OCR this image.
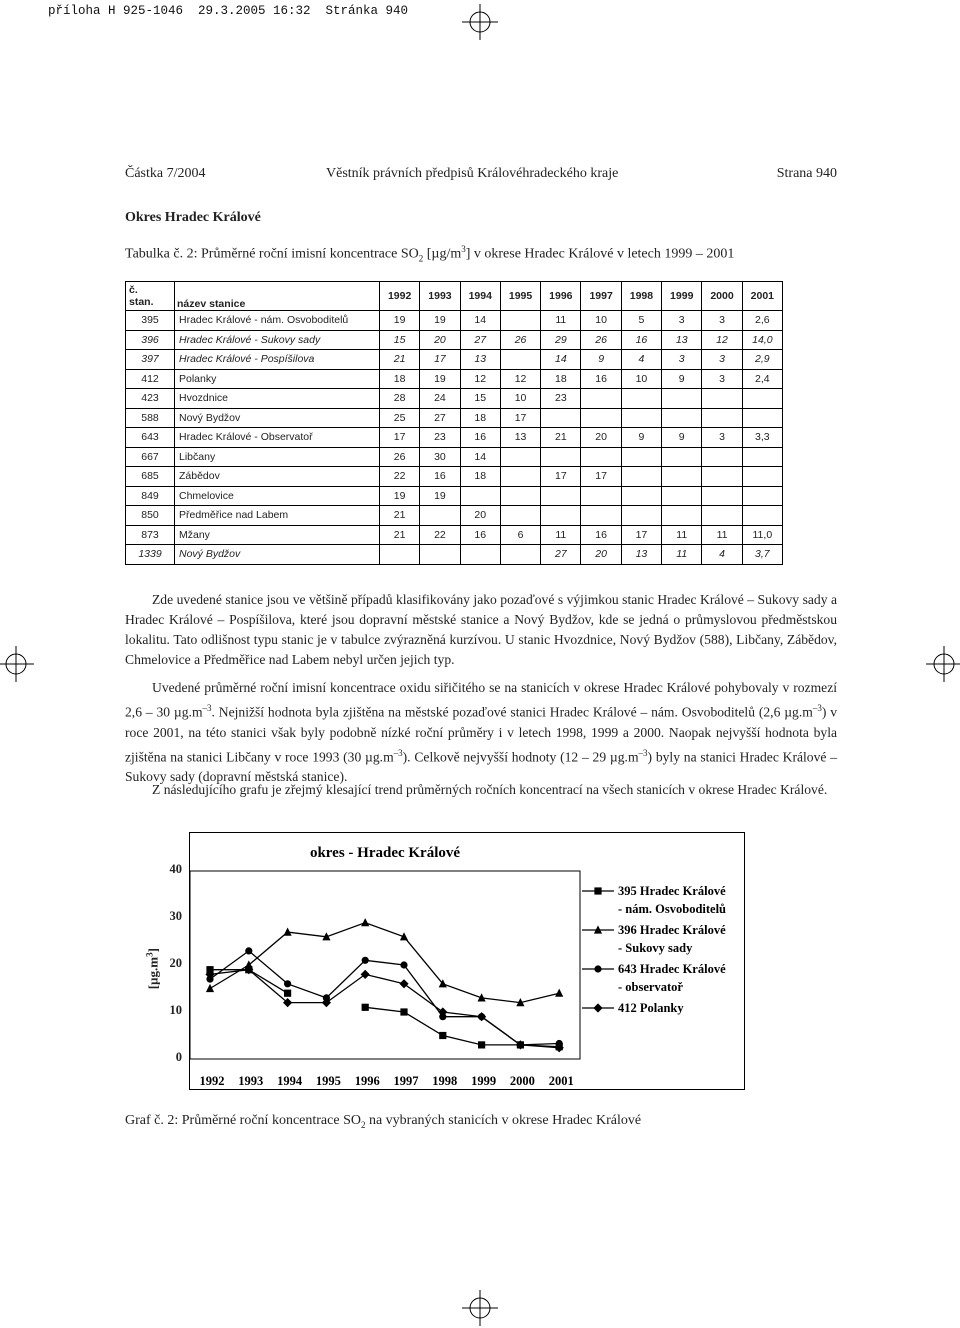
příloha H 925-1046  29.3.2005 16:32  Stránka 940
Částka 7/2004	Věstník právních předpisů Královéhradeckého kraje	Strana 940
Okres Hradec Králové
Tabulka č. 2: Průměrné roční imisní koncentrace $SO_2$ $[\mu g/m^3]$ v okrese Hradec Králové v letech 1999 – 2001
č.
stan.	název stanice	1992	1993	1994	1995	1996	1997	1998	1999	2000	2001
395	Hradec Králové - nám. Osvoboditelů	19	19	14		11	10	5	3	3	2,6
396	Hradec Králové - Sukovy sady	15	20	27	26	29	26	16	13	12	14,0
397	Hradec Králové - Pospíšilova	21	17	13		14	9	4	3	3	2,9
412	Polanky	18	19	12	12	18	16	10	9	3	2,4
423	Hvozdnice	28	24	15	10	23					
588	Nový Bydžov	25	27	18	17						
643	Hradec Králové - Observatoř	17	23	16	13	21	20	9	9	3	3,3
667	Libčany	26	30	14							
685	Zábědov	22	16	18		17	17				
849	Chmelovice	19	19								
850	Předměřice nad Labem	21		20							
873	Mžany	21	22	16	6	11	16	17	11	11	11,0
1339	Nový Bydžov					27	20	13	11	4	3,7
Zde uvedené stanice jsou ve většině případů klasifikovány jako pozaďové s výjimkou stanic Hradec Králové – Sukovy sady a Hradec Králové – Pospíšilova, které jsou dopravní městské stanice a Nový Bydžov, kde se jedná o průmyslovou předměstskou lokalitu. Tato odlišnost typu stanic je v tabulce zvýrazněná kurzívou. U stanic Hvozdnice, Nový Bydžov (588), Libčany, Zábědov, Chmelovice a Předměřice nad Labem nebyl určen jejich typ.
Uvedené průměrné roční imisní koncentrace oxidu siřičitého se na stanicích v okrese Hradec Králové pohybovaly v rozmezí 2,6 – 30 $\mu g.m^{-3}$. Nejnižší hodnota byla zjištěna na městské pozaďové stanici Hradec Králové – nám. Osvoboditelů (2,6 $\mu g.m^{-3}$) v roce 2001, na této stanici však byly podobně nízké roční průměry i v letech 1998, 1999 a 2000. Naopak nejvyšší hodnota byla zjištěna na stanici Libčany v roce 1993 (30 $\mu g.m^{-3}$). Celkově nejvyšší hodnoty (12 – 29 $\mu g.m^{-3}$) byly na stanici Hradec Králové – Sukovy sady (dopravní městská stanice).
Z následujícího grafu je zřejmý klesající trend průměrných ročních koncentrací na všech stanicích v okrese Hradec Králové.
okres - Hradec Králové
395 Hradec Králové
- nám. Osvoboditelů
396 Hradec Králové
- Sukovy sady
643 Hradec Králové
- observatoř
412 Polanky
1992 1993 1994 1995 1996 1997 1998 1999 2000 2001
Graf č. 2: Průměrné roční koncentrace $SO_2$ na vybraných stanicích v okrese Hradec Králové
0
10
20
30
40
$[\mu g.m^3]$
